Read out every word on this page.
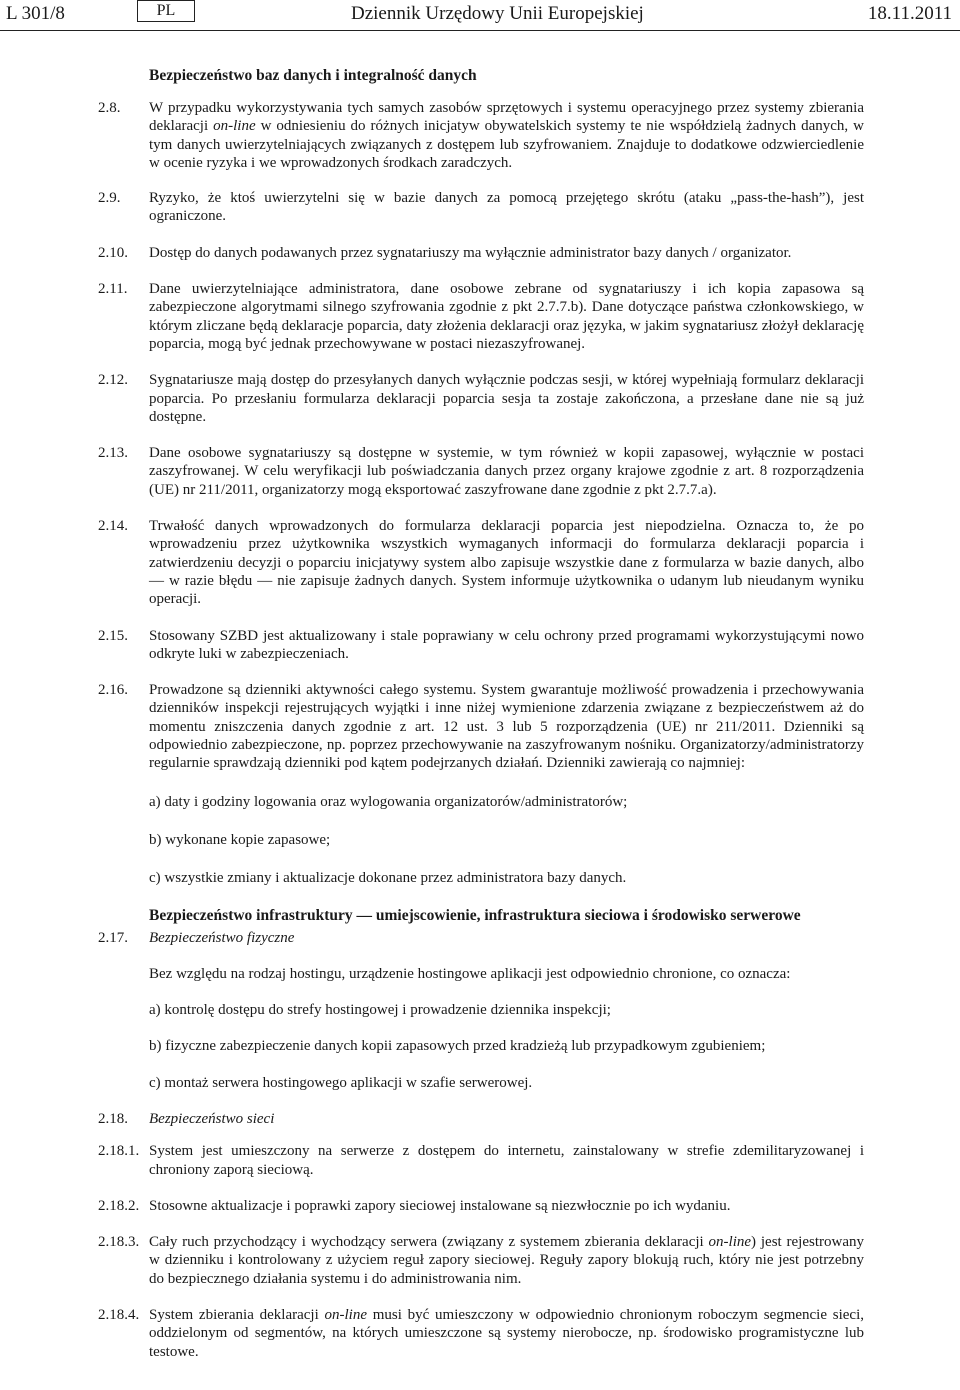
L 301/8	PL	Dziennik Urzędowy Unii Europejskiej	18.11.2011
Bezpieczeństwo baz danych i integralność danych
2.8. W przypadku wykorzystywania tych samych zasobów sprzętowych i systemu operacyjnego przez systemy zbierania deklaracji on-line w odniesieniu do różnych inicjatyw obywatelskich systemy te nie współdzielą żadnych danych, w tym danych uwierzytelniających związanych z dostępem lub szyfrowaniem. Znajduje to dodatkowe odzwierciedlenie w ocenie ryzyka i we wprowadzonych środkach zaradczych.
2.9. Ryzyko, że ktoś uwierzytelni się w bazie danych za pomocą przejętego skrótu (ataku „pass-the-hash”), jest ograniczone.
2.10. Dostęp do danych podawanych przez sygnatariuszy ma wyłącznie administrator bazy danych / organizator.
2.11. Dane uwierzytelniające administratora, dane osobowe zebrane od sygnatariuszy i ich kopia zapasowa są zabezpieczone algorytmami silnego szyfrowania zgodnie z pkt 2.7.7.b). Dane dotyczące państwa członkowskiego, w którym zliczane będą deklaracje poparcia, daty złożenia deklaracji oraz języka, w jakim sygnatariusz złożył deklarację poparcia, mogą być jednak przechowywane w postaci niezaszyfrowanej.
2.12. Sygnatariusze mają dostęp do przesyłanych danych wyłącznie podczas sesji, w której wypełniają formularz deklaracji poparcia. Po przesłaniu formularza deklaracji poparcia sesja ta zostaje zakończona, a przesłane dane nie są już dostępne.
2.13. Dane osobowe sygnatariuszy są dostępne w systemie, w tym również w kopii zapasowej, wyłącznie w postaci zaszyfrowanej. W celu weryfikacji lub poświadczania danych przez organy krajowe zgodnie z art. 8 rozporządzenia (UE) nr 211/2011, organizatorzy mogą eksportować zaszyfrowane dane zgodnie z pkt 2.7.7.a).
2.14. Trwałość danych wprowadzonych do formularza deklaracji poparcia jest niepodzielna. Oznacza to, że po wprowadzeniu przez użytkownika wszystkich wymaganych informacji do formularza deklaracji poparcia i zatwierdzeniu decyzji o poparciu inicjatywy system albo zapisuje wszystkie dane z formularza w bazie danych, albo — w razie błędu — nie zapisuje żadnych danych. System informuje użytkownika o udanym lub nieudanym wyniku operacji.
2.15. Stosowany SZBD jest aktualizowany i stale poprawiany w celu ochrony przed programami wykorzystującymi nowo odkryte luki w zabezpieczeniach.
2.16. Prowadzone są dzienniki aktywności całego systemu. System gwarantuje możliwość prowadzenia i przechowywania dzienników inspekcji rejestrujących wyjątki i inne niżej wymienione zdarzenia związane z bezpieczeństwem aż do momentu zniszczenia danych zgodnie z art. 12 ust. 3 lub 5 rozporządzenia (UE) nr 211/2011. Dzienniki są odpowiednio zabezpieczone, np. poprzez przechowywanie na zaszyfrowanym nośniku. Organizatorzy/administratorzy regularnie sprawdzają dzienniki pod kątem podejrzanych działań. Dzienniki zawierają co najmniej:
a) daty i godziny logowania oraz wylogowania organizatorów/administratorów;
b) wykonane kopie zapasowe;
c) wszystkie zmiany i aktualizacje dokonane przez administratora bazy danych.
Bezpieczeństwo infrastruktury — umiejscowienie, infrastruktura sieciowa i środowisko serwerowe
2.17. Bezpieczeństwo fizyczne
Bez względu na rodzaj hostingu, urządzenie hostingowe aplikacji jest odpowiednio chronione, co oznacza:
a) kontrolę dostępu do strefy hostingowej i prowadzenie dziennika inspekcji;
b) fizyczne zabezpieczenie danych kopii zapasowych przed kradzieżą lub przypadkowym zgubieniem;
c) montaż serwera hostingowego aplikacji w szafie serwerowej.
2.18. Bezpieczeństwo sieci
2.18.1. System jest umieszczony na serwerze z dostępem do internetu, zainstalowany w strefie zdemilitaryzowanej i chroniony zaporą sieciową.
2.18.2. Stosowne aktualizacje i poprawki zapory sieciowej instalowane są niezwłocznie po ich wydaniu.
2.18.3. Cały ruch przychodzący i wychodzący serwera (związany z systemem zbierania deklaracji on-line) jest rejestrowany w dzienniku i kontrolowany z użyciem reguł zapory sieciowej. Reguły zapory blokują ruch, który nie jest potrzebny do bezpiecznego działania systemu i do administrowania nim.
2.18.4. System zbierania deklaracji on-line musi być umieszczony w odpowiednio chronionym roboczym segmencie sieci, oddzielonym od segmentów, na których umieszczone są systemy nierobocze, np. środowisko programistyczne lub testowe.
